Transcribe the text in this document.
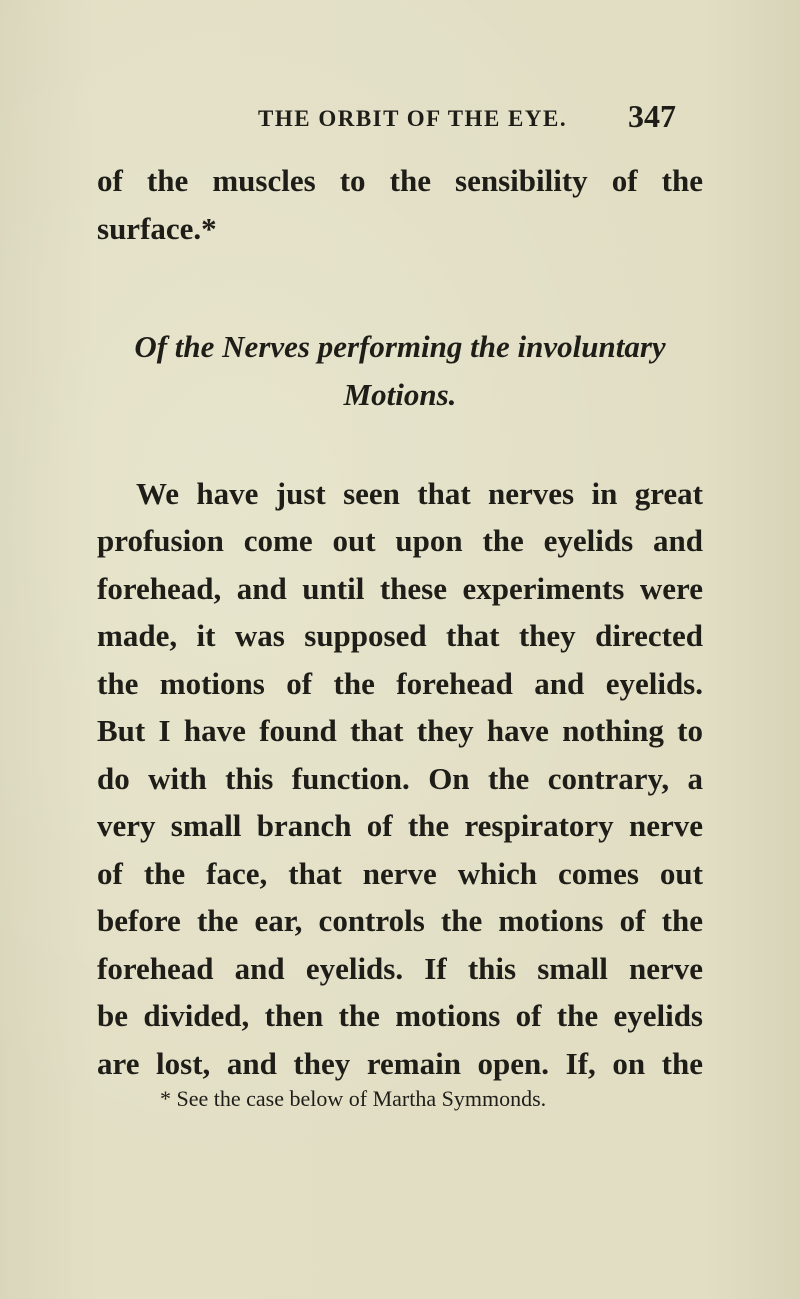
THE ORBIT OF THE EYE. 347
of the muscles to the sensibility of the
surface.*
Of the Nerves performing the involuntary
Motions.
We have just seen that nerves in great
profusion come out upon the eyelids and
forehead, and until these experiments were
made, it was supposed that they directed
the motions of the forehead and eyelids.
But I have found that they have nothing to
do with this function. On the contrary, a
very small branch of the respiratory nerve
of the face, that nerve which comes out
before the ear, controls the motions of the
forehead and eyelids. If this small nerve
be divided, then the motions of the eyelids
are lost, and they remain open. If, on the
* See the case below of Martha Symmonds.
